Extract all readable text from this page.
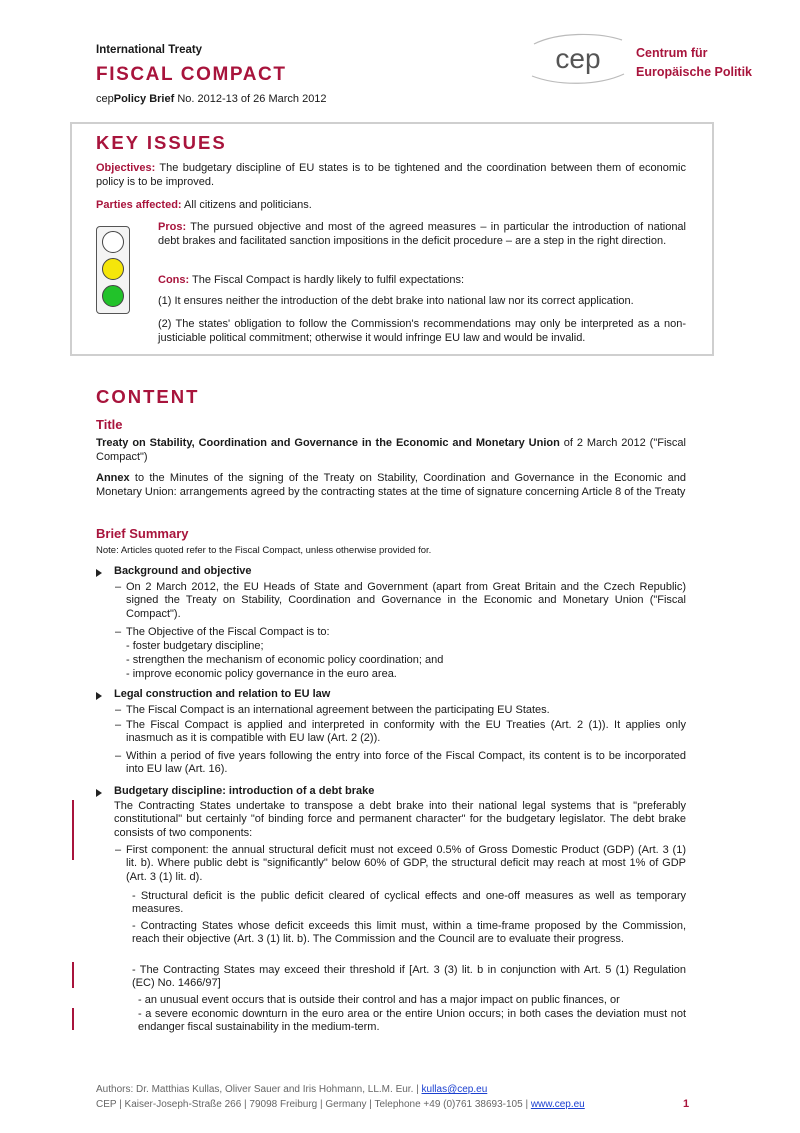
International Treaty
FISCAL COMPACT
cepPolicy Brief No. 2012-13 of 26 March 2012
cep	Centrum für
Europäische Politik
KEY ISSUES
Objectives: The budgetary discipline of EU states is to be tightened and the coordination between them of economic policy is to be improved.
Parties affected: All citizens and politicians.
Pros: The pursued objective and most of the agreed measures – in particular the introduction of national debt brakes and facilitated sanction impositions in the deficit procedure – are a step in the right direction.
Cons: The Fiscal Compact is hardly likely to fulfil expectations:
(1) It ensures neither the introduction of the debt brake into national law nor its correct application.
(2) The states' obligation to follow the Commission's recommendations may only be interpreted as a non-justiciable political commitment; otherwise it would infringe EU law and would be invalid.
CONTENT
Title
Treaty on Stability, Coordination and Governance in the Economic and Monetary Union of 2 March 2012 ("Fiscal Compact")
Annex to the Minutes of the signing of the Treaty on Stability, Coordination and Governance in the Economic and Monetary Union: arrangements agreed by the contracting states at the time of signature concerning Article 8 of the Treaty
Brief Summary
Note: Articles quoted refer to the Fiscal Compact, unless otherwise provided for.
Background and objective
– On 2 March 2012, the EU Heads of State and Government (apart from Great Britain and the Czech Republic) signed the Treaty on Stability, Coordination and Governance in the Economic and Monetary Union ("Fiscal Compact").
– The Objective of the Fiscal Compact is to:
- foster budgetary discipline;
- strengthen the mechanism of economic policy coordination; and
- improve economic policy governance in the euro area.
Legal construction and relation to EU law
– The Fiscal Compact is an international agreement between the participating EU States.
– The Fiscal Compact is applied and interpreted in conformity with the EU Treaties (Art. 2 (1)). It applies only inasmuch as it is compatible with EU law (Art. 2 (2)).
– Within a period of five years following the entry into force of the Fiscal Compact, its content is to be incorporated into EU law (Art. 16).
Budgetary discipline: introduction of a debt brake
The Contracting States undertake to transpose a debt brake into their national legal systems that is "preferably constitutional" but certainly "of binding force and permanent character" for the budgetary legislator. The debt brake consists of two components:
– First component: the annual structural deficit must not exceed 0.5% of Gross Domestic Product (GDP) (Art. 3 (1) lit. b). Where public debt is "significantly" below 60% of GDP, the structural deficit may reach at most 1% of GDP (Art. 3 (1) lit. d).
- Structural deficit is the public deficit cleared of cyclical effects and one-off measures as well as temporary measures.
- Contracting States whose deficit exceeds this limit must, within a time-frame proposed by the Commission, reach their objective (Art. 3 (1) lit. b). The Commission and the Council are to evaluate their progress.
- The Contracting States may exceed their threshold if [Art. 3 (3) lit. b in conjunction with Art. 5 (1) Regulation (EC) No. 1466/97]
- an unusual event occurs that is outside their control and has a major impact on public finances, or
- a severe economic downturn in the euro area or the entire Union occurs; in both cases the deviation must not endanger fiscal sustainability in the medium-term.
Authors: Dr. Matthias Kullas, Oliver Sauer and Iris Hohmann, LL.M. Eur. | kullas@cep.eu
CEP | Kaiser-Joseph-Straße 266 | 79098 Freiburg | Germany | Telephone +49 (0)761 38693-105 | www.cep.eu	1
